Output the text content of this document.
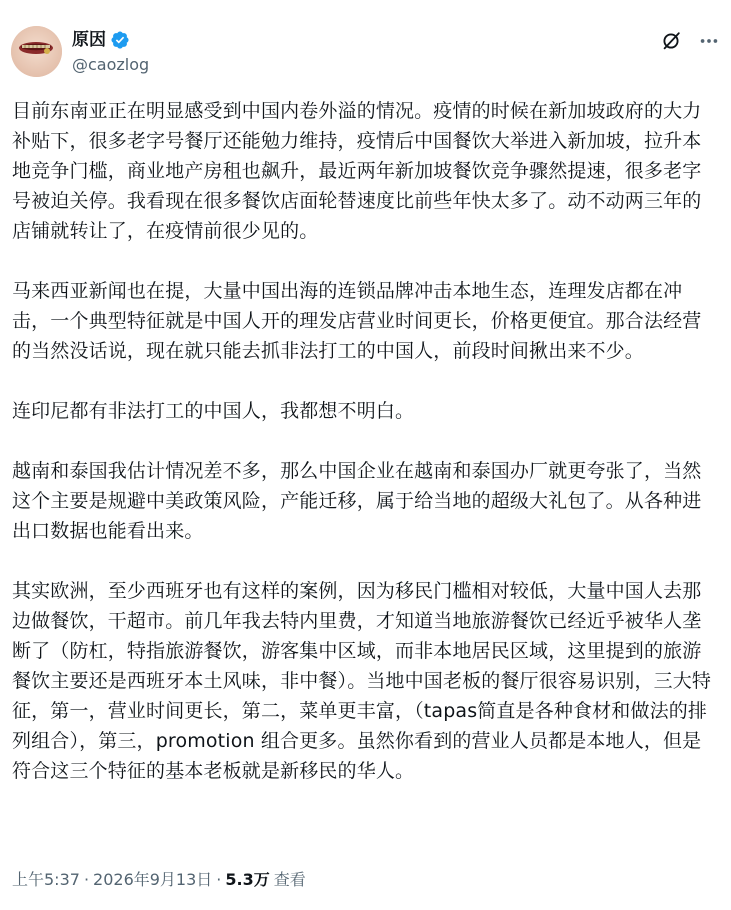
原因
@caozlog

目前东南亚正在明显感受到中国内卷外溢的情况。疫情的时候在新加坡政府的大力补贴下，很多老字号餐厅还能勉力维持，疫情后中国餐饮大举进入新加坡，拉升本地竞争门槛，商业地产房租也飙升，最近两年新加坡餐饮竞争骤然提速，很多老字号被迫关停。我看现在很多餐饮店面轮替速度比前些年快太多了。动不动两三年的店铺就转让了，在疫情前很少见的。

马来西亚新闻也在提，大量中国出海的连锁品牌冲击本地生态，连理发店都在冲击，一个典型特征就是中国人开的理发店营业时间更长，价格更便宜。那合法经营的当然没话说，现在就只能去抓非法打工的中国人，前段时间揪出来不少。

连印尼都有非法打工的中国人，我都想不明白。

越南和泰国我估计情况差不多，那么中国企业在越南和泰国办厂就更夸张了，当然这个主要是规避中美政策风险，产能迁移，属于给当地的超级大礼包了。从各种进出口数据也能看出来。

其实欧洲，至少西班牙也有这样的案例，因为移民门槛相对较低，大量中国人去那边做餐饮，干超市。前几年我去特内里费，才知道当地旅游餐饮已经近乎被华人垄断了（防杠，特指旅游餐饮，游客集中区域，而非本地居民区域，这里提到的旅游餐饮主要还是西班牙本土风味，非中餐）。当地中国老板的餐厅很容易识别，三大特征，第一，营业时间更长，第二，菜单更丰富，（tapas简直是各种食材和做法的排列组合），第三，promotion 组合更多。虽然你看到的营业人员都是本地人，但是符合这三个特征的基本老板就是新移民的华人。

上午5:37 · 2026年9月13日 · 5.3万 查看
